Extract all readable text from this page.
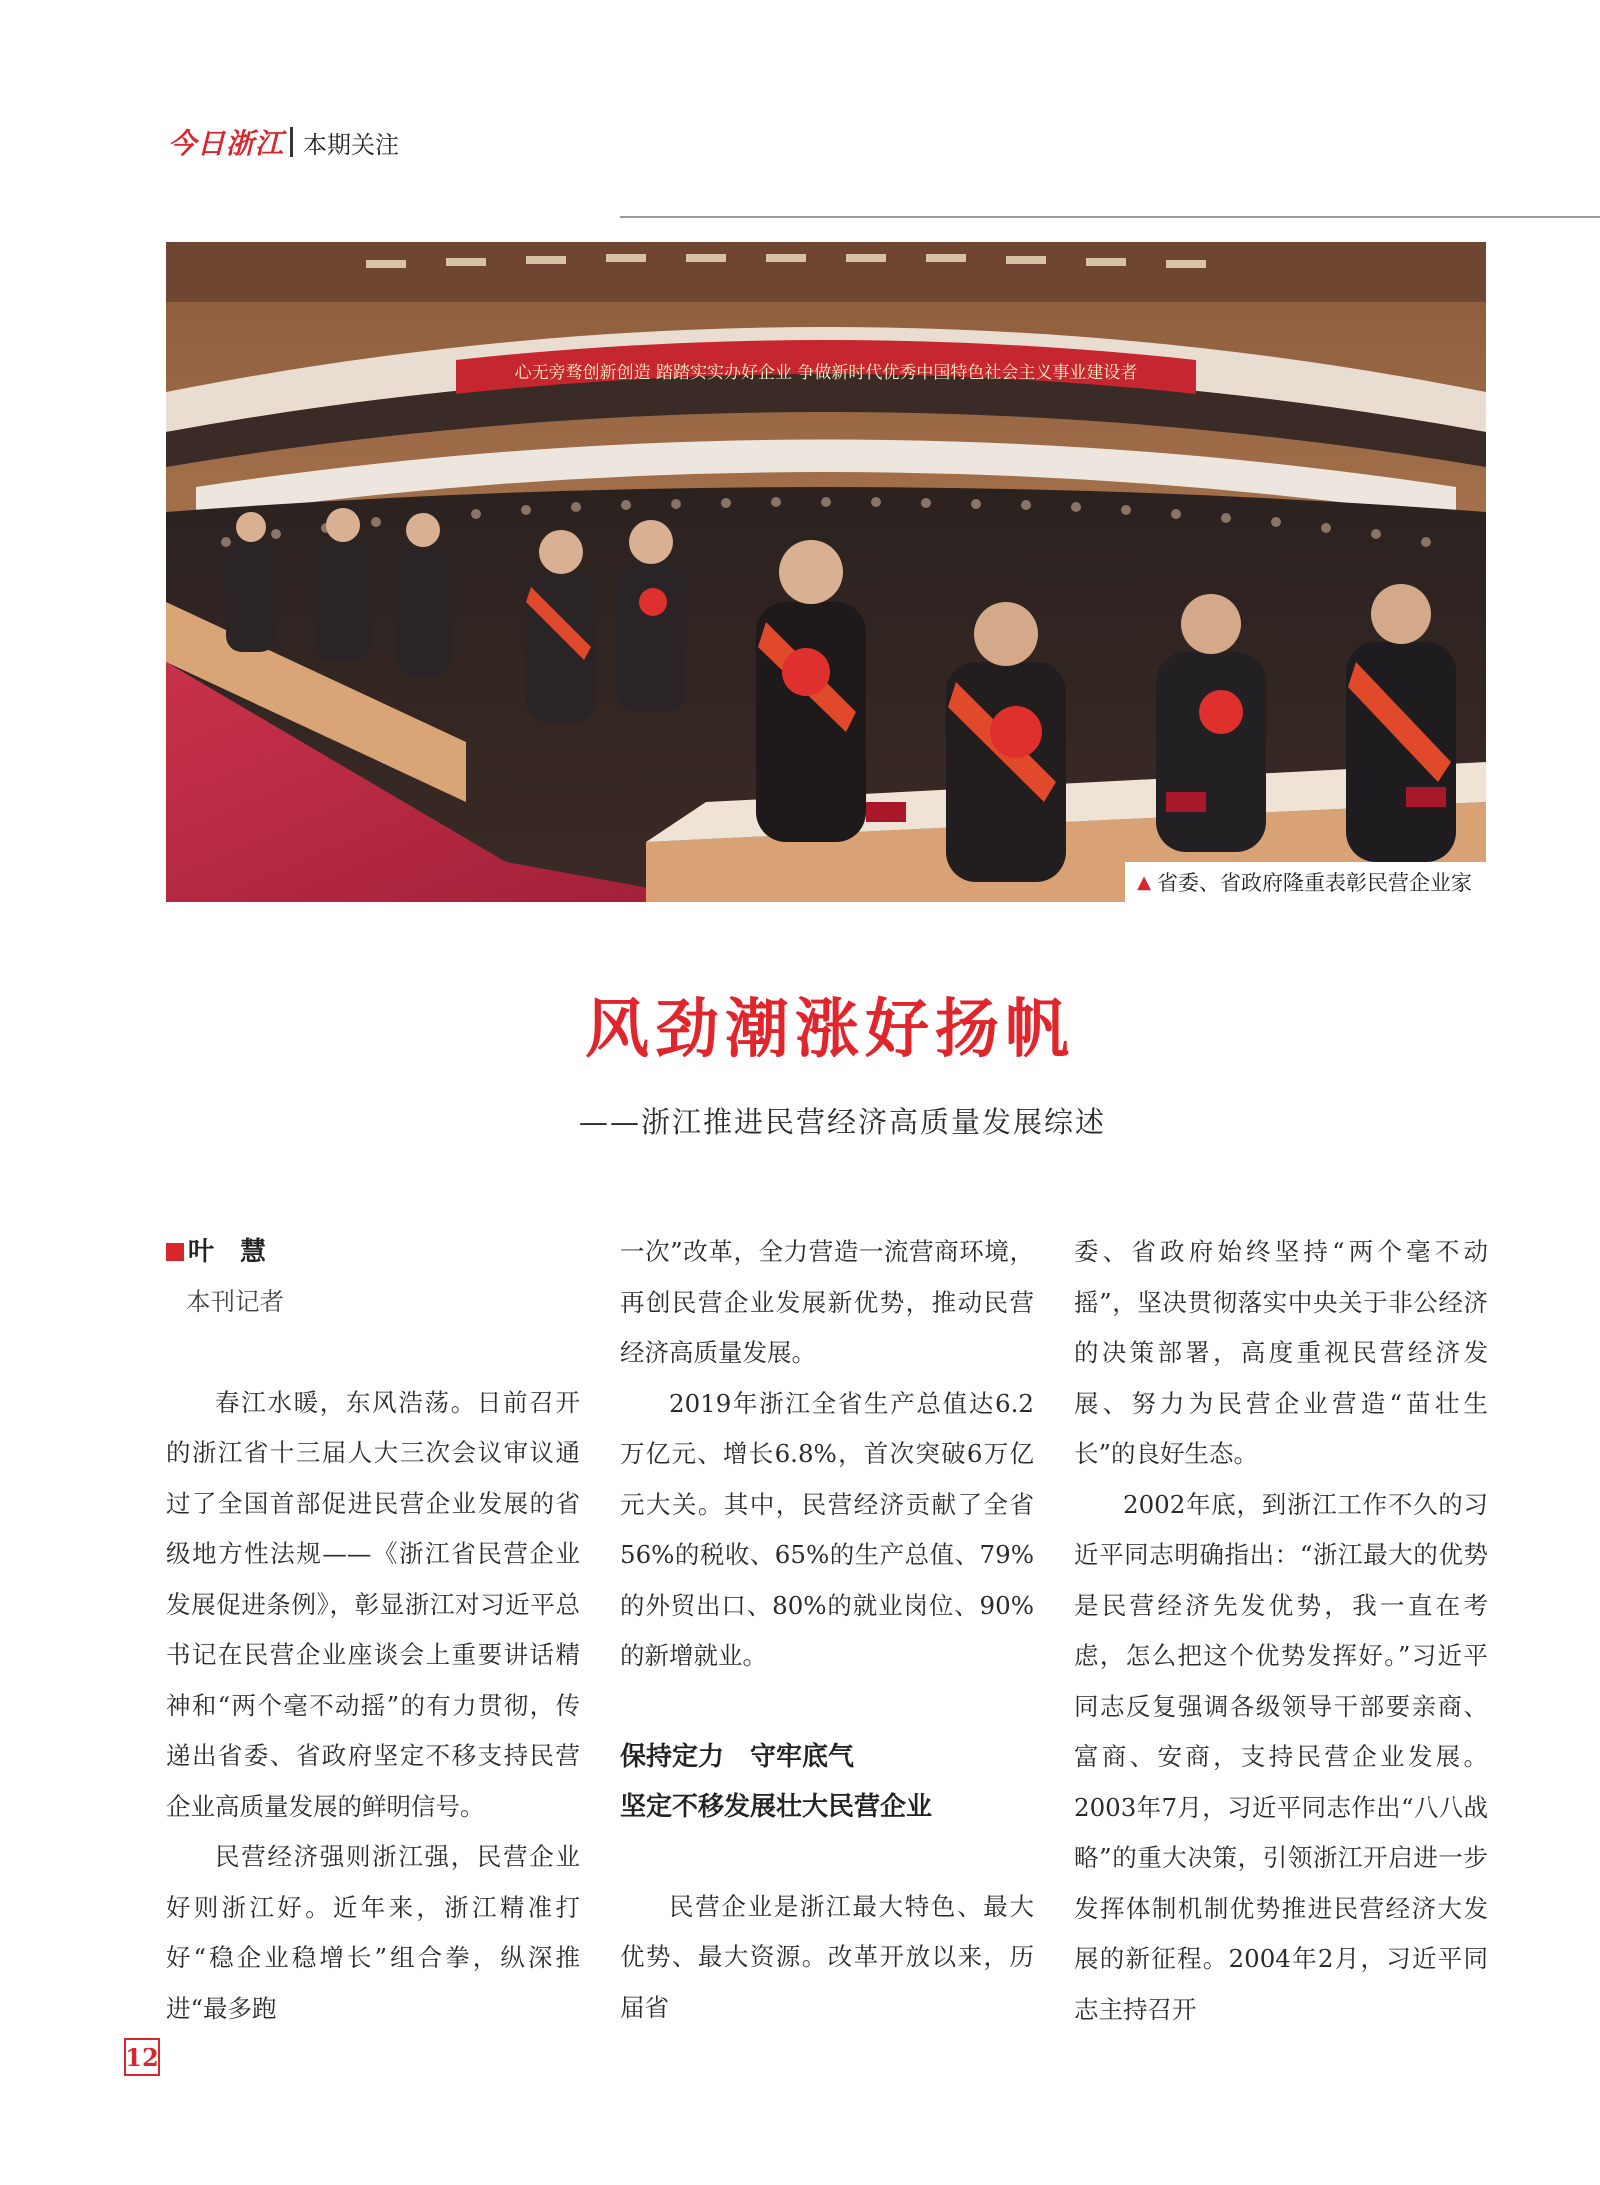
今日浙江 本期关注
心无旁骛创新创造 踏踏实实办好企业 争做新时代优秀中国特色社会主义事业建设者
▲ 省委、省政府隆重表彰民营企业家
风劲潮涨好扬帆
——浙江推进民营经济高质量发展综述
叶　慧
本刊记者

春江水暖，东风浩荡。日前召开的浙江省十三届人大三次会议审议通过了全国首部促进民营企业发展的省级地方性法规——《浙江省民营企业发展促进条例》，彰显浙江对习近平总书记在民营企业座谈会上重要讲话精神和“两个毫不动摇”的有力贯彻，传递出省委、省政府坚定不移支持民营企业高质量发展的鲜明信号。

民营经济强则浙江强，民营企业好则浙江好。近年来，浙江精准打好“稳企业稳增长”组合拳，纵深推进“最多跑

一次”改革，全力营造一流营商环境，再创民营企业发展新优势，推动民营经济高质量发展。

2019年浙江全省生产总值达6.2万亿元、增长6.8%，首次突破6万亿元大关。其中，民营经济贡献了全省56%的税收、65%的生产总值、79%的外贸出口、80%的就业岗位、90%的新增就业。

保持定力　守牢底气
坚定不移发展壮大民营企业

民营企业是浙江最大特色、最大优势、最大资源。改革开放以来，历届省

委、省政府始终坚持“两个毫不动摇”，坚决贯彻落实中央关于非公经济的决策部署，高度重视民营经济发展、努力为民营企业营造“苗壮生长”的良好生态。

2002年底，到浙江工作不久的习近平同志明确指出：“浙江最大的优势是民营经济先发优势，我一直在考虑，怎么把这个优势发挥好。”习近平同志反复强调各级领导干部要亲商、富商、安商，支持民营企业发展。2003年7月，习近平同志作出“八八战略”的重大决策，引领浙江开启进一步发挥体制机制优势推进民营经济大发展的新征程。2004年2月，习近平同志主持召开

12
